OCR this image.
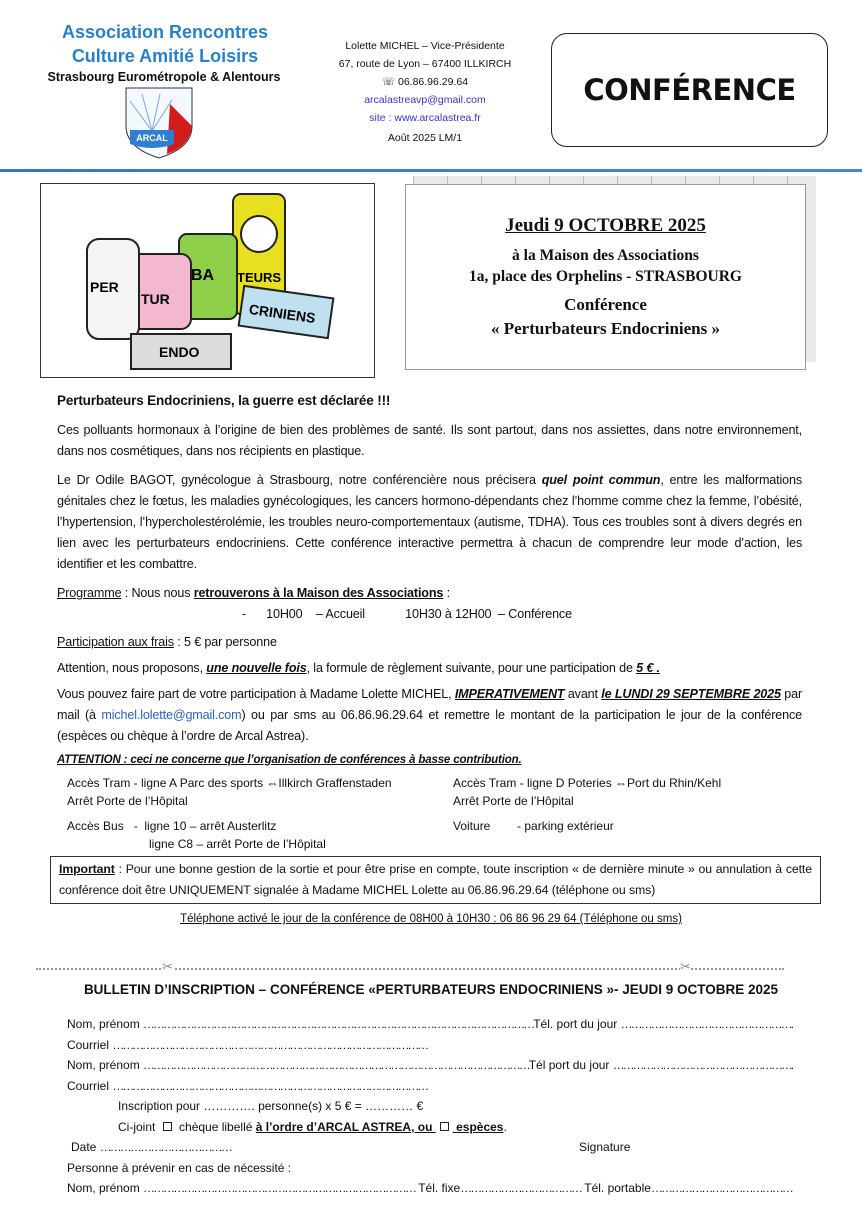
Association Rencontres
Culture Amitié Loisirs
Strasbourg Eurométropole & Alentours
ARCAL
Lolette MICHEL – Vice-Présidente
67, route de Lyon – 67400 ILLKIRCH
☏ 06.86.96.29.64
arcalastreavp@gmail.com
site : www.arcalastrea.fr
Août 2025 LM/1
CONFÉRENCE
PER
TUR
BA TEURS
ENDO
CRINIENS
Jeudi 9 OCTOBRE 2025
à la Maison des Associations
1a, place des Orphelins - STRASBOURG
Conférence
« Perturbateurs Endocriniens »
Perturbateurs Endocriniens, la guerre est déclarée !!!
Ces polluants hormonaux à l’origine de bien des problèmes de santé. Ils sont partout, dans nos assiettes, dans notre environnement, dans nos cosmétiques, dans nos récipients en plastique.
Le Dr Odile BAGOT, gynécologue à Strasbourg, notre conférencière nous précisera quel point commun, entre les malformations génitales chez le fœtus, les maladies gynécologiques, les cancers hormono-dépendants chez l’homme comme chez la femme, l’obésité, l’hypertension, l’hypercholestérolémie, les troubles neuro-comportementaux (autisme, TDHA). Tous ces troubles sont à divers degrés en lien avec les perturbateurs endocriniens. Cette conférence interactive permettra à chacun de comprendre leur mode d’action, les identifier et les combattre.
Programme : Nous nous retrouverons à la Maison des Associations :
-      10H00    – Accueil            10H30 à 12H00  – Conférence
Participation aux frais : 5 € par personne
Attention, nous proposons, une nouvelle fois, la formule de règlement suivante, pour une participation de 5 € .
Vous pouvez faire part de votre participation à Madame Lolette MICHEL, IMPERATIVEMENT avant le LUNDI 29 SEPTEMBRE 2025 par mail (à michel.lolette@gmail.com) ou par sms au 06.86.96.29.64 et remettre le montant de la participation le jour de la conférence (espèces ou chèque à l’ordre de Arcal Astrea).
ATTENTION : ceci ne concerne que l’organisation de conférences à basse contribution.
Accès Tram - ligne A Parc des sports ⇔Illkirch Graffenstaden
Arrêt Porte de l’Hôpital
Accès Tram - ligne D Poteries ⇔Port du Rhin/Kehl
Arrêt Porte de l’Hôpital
Accès Bus   -  ligne 10 – arrêt Austerlitz
ligne C8 – arrêt Porte de l’Hôpital
Voiture        - parking extérieur
Important : Pour une bonne gestion de la sortie et pour être prise en compte, toute inscription « de dernière minute » ou annulation à cette conférence doit être UNIQUEMENT signalée à Madame MICHEL Lolette au 06.86.96.29.64 (téléphone ou sms)
Téléphone activé le jour de la conférence de 08H00 à 10H30 : 06 86 96 29 64 (Téléphone ou sms)
✂	✂
BULLETIN D’INSCRIPTION – CONFÉRENCE «PERTURBATEURS ENDOCRINIENS »- JEUDI 9 OCTOBRE 2025
Nom, prénom ………………………………………………………………………………………………………Tél. port du jour …………………………………………….
Courriel ……………………………………………………………………………………
Nom, prénom ………………………………………………………………………………………………………Tél port du jour ……………………………………………….
Courriel ……………………………………………………………………………………
Inscription pour …………. personne(s) x 5 € = ………… €
Ci-joint  chèque libellé à l’ordre d’ARCAL ASTREA, ou  espèces.
Date …………………………………	Signature
Personne à prévenir en cas de nécessité :
Nom, prénom ……………………………………………………………………… Tél. fixe……………………………… Tél. portable……………………………………
